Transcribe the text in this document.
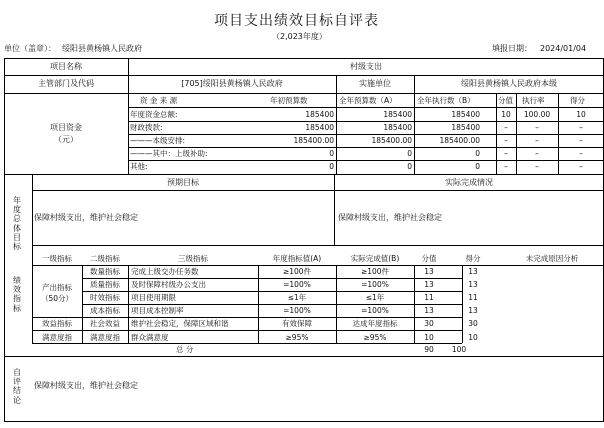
项目支出绩效目标自评表
（2,023年度）
单位（盖章）： 绥阳县黄杨镇人民政府	填报日期： 2024/01/04
项目名称	村级支出
主管部门及代码	[705]绥阳县黄杨镇人民政府	实施单位	绥阳县黄杨镇人民政府本级
项目资金
（元）
资 金 来 源	年初预算数	全年预算数（A）	全年执行数（B）	分值 执行率	得分
年度资金总额:	185400	185400	185400	10	100.00	10
财政拨款:	185400	185400	185400	–	–	–
———本级安排:	185400.00	185400.00	185400.00	–	–	–
———其中：上级补助:	0	0	0	–	–	–
其他:	0	0	0	–	–	–
年度总体目标
预期目标	实际完成情况
保障村级支出，维护社会稳定	保障村级支出，维护社会稳定
绩效指标
一级指标	二级指标	三级指标	年度指标值(A)	实际完成值(B)	分值	得分	未完成原因分析
产出指标
（50分）
效益指标
满意度指
数量指标	完成上级交办任务数	≥100件	≥100件	13	13
质量指标	及时保障村级办公支出	=100%	=100%	13	13
时效指标	项目使用期限	≤1年	≤1年	11	11
成本指标	项目成本控制率	=100%	=100%	13	13
社会效益	维护社会稳定，保障区域和谐	有效保障	达成年度指标	30	30
满意度指	群众满意度	≥95%	≥95%	10	10
总 分	90	100
自评结论
保障村级支出，维护社会稳定
